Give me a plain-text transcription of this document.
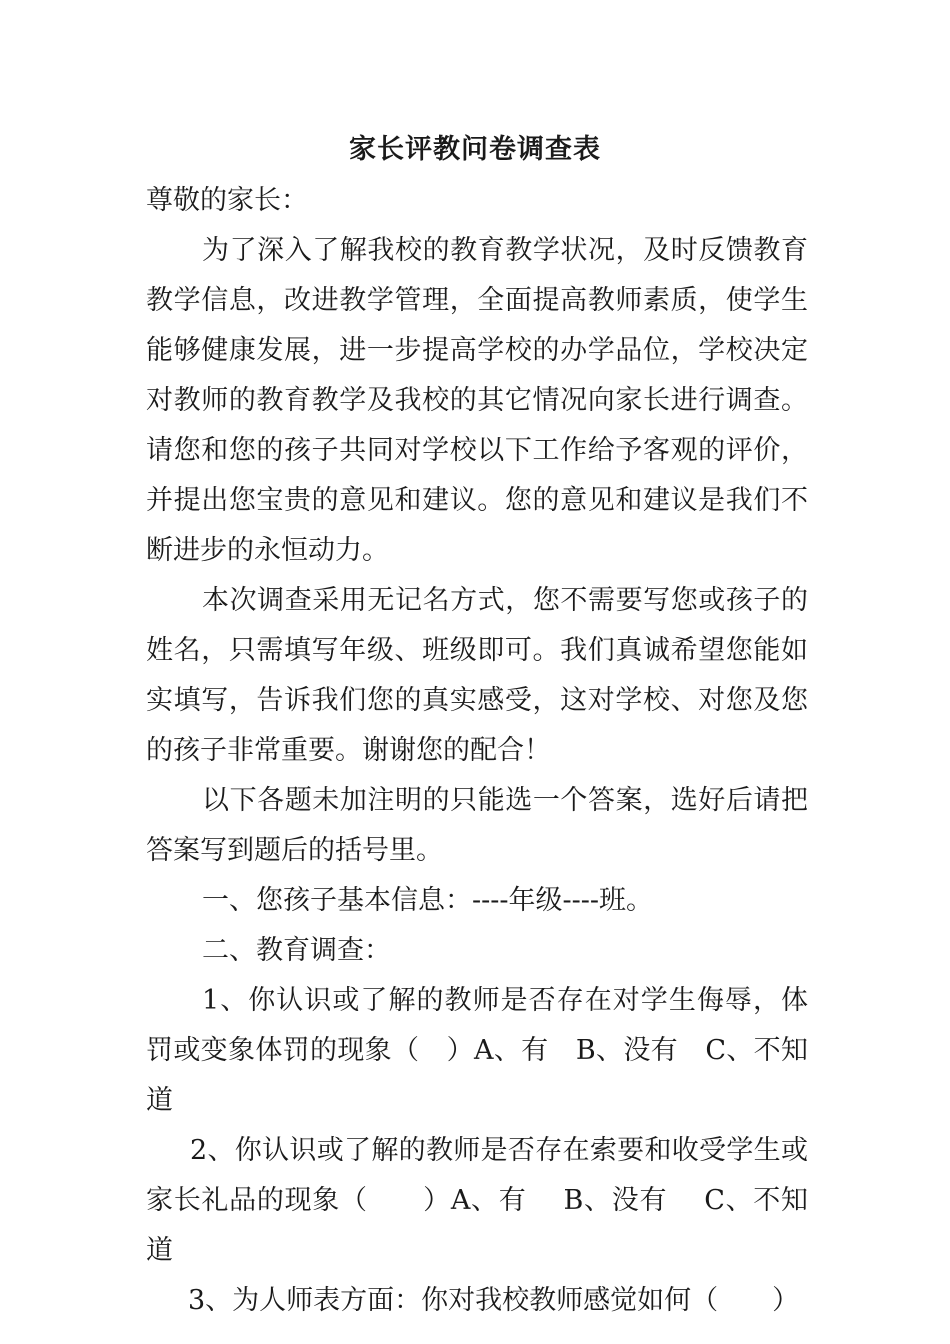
家长评教问卷调查表

尊敬的家长：

为了深入了解我校的教育教学状况，及时反馈教育教学信息，改进教学管理，全面提高教师素质，使学生能够健康发展，进一步提高学校的办学品位，学校决定对教师的教育教学及我校的其它情况向家长进行调查。请您和您的孩子共同对学校以下工作给予客观的评价，并提出您宝贵的意见和建议。您的意见和建议是我们不断进步的永恒动力。

本次调查采用无记名方式，您不需要写您或孩子的姓名，只需填写年级、班级即可。我们真诚希望您能如实填写，告诉我们您的真实感受，这对学校、对您及您的孩子非常重要。谢谢您的配合！

以下各题未加注明的只能选一个答案，选好后请把答案写到题后的括号里。

一、您孩子基本信息：----年级----班。

二、教育调查：

1、你认识或了解的教师是否存在对学生侮辱，体罚或变象体罚的现象（　）A、有　B、没有　C、不知道

2、你认识或了解的教师是否存在索要和收受学生或家长礼品的现象（　　）A、有　 B、没有　 C、不知道

3、为人师表方面：你对我校教师感觉如何（　　）
